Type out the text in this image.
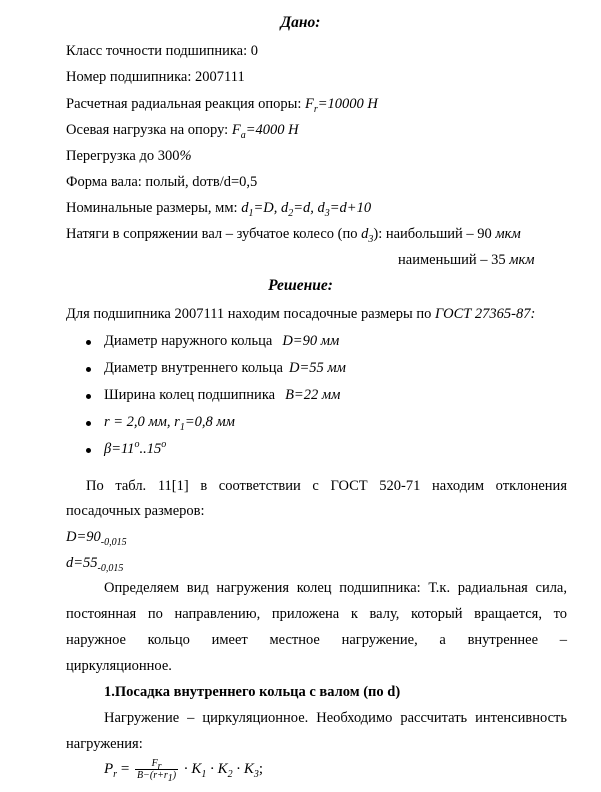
Дано:
Класс точности подшипника: 0
Номер подшипника: 2007111
Расчетная радиальная реакция опоры: $F_r=10000$ Н
Осевая нагрузка на опору: $F_a=4000$ Н
Перегрузка до 300%
Форма вала: полый, dотв/d=0,5
Номинальные размеры, мм: $d_1=D$, $d_2=d$, $d_3=d+10$
Натяги в сопряжении вал – зубчатое колесо (по $d_3$): наибольший – 90 мкм
наименьший – 35 мкм
Решение:
Для подшипника 2007111 находим посадочные размеры по ГОСТ 27365-87:
Диаметр наружного кольца D=90 мм
Диаметр внутреннего кольца D=55 мм
Ширина колец подшипника B=22 мм
r = 2,0 мм, $r_1=0,8$ мм
$\beta=11^о..15^о$
По табл. 11[1] в соответствии с ГОСТ 520-71 находим отклонения
посадочных размеров:
$D=90_{-0,015}$
$d=55_{-0,015}$
Определяем вид нагружения колец подшипника: Т.к. радиальная сила,
постоянная по направлению, приложена к валу, который вращается, то
наружное кольцо имеет местное нагружение, а внутреннее –
циркуляционное.
1.Посадка внутреннего кольца с валом (по d)
Нагружение – циркуляционное. Необходимо рассчитать интенсивность
нагружения:
$P_r = \frac{F_r}{B-(r+r_1)} \cdot K_1 \cdot K_2 \cdot K_3$;
